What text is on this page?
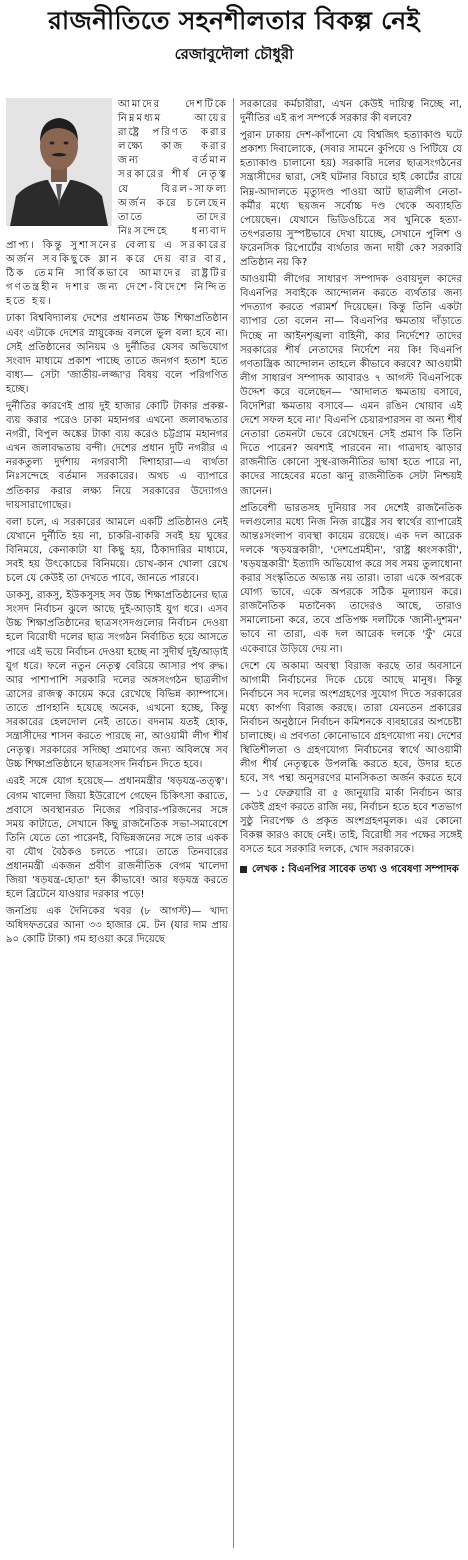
রাজনীতিতে সহনশীলতার বিকল্প নেই
রেজাবুদৌলা চৌধুরী

আমাদের দেশটিকে নিম্নমধ্যম আয়ের রাষ্ট্রে পরিণত করার লক্ষ্যে কাজ করার জন্য বর্তমান সরকারের শীর্ষ নেতৃত্ব যে বিরল-সাফল্য অর্জন করে চলেছেন তাতে তাদের নিঃসন্দেহে ধন্যবাদ প্রাপ্য। কিন্তু সুশাসনের বেলায় এ সরকারের অর্জন সবকিছুকে ম্লান করে দেয় বার বার, ঠিক তেমনি সার্বিকভাবে আমাদের রাষ্ট্রটির গণতন্ত্রহীন দশার জন্য দেশে-বিদেশে নিন্দিত হতে হয়।

ঢাকা বিশ্ববিদ্যালয় দেশের প্রধানতম উচ্চ শিক্ষাপ্রতিষ্ঠান এবং এটাকে দেশের স্নায়ুকেন্দ্র বললে ভুল বলা হবে না। সেই প্রতিষ্ঠানের অনিয়ম ও দুর্নীতির যেসব অভিযোগ সংবাদ মাধ্যমে প্রকাশ পাচ্ছে তাতে জনগণ হতাশ হতে বাধ্য— সেটা 'জাতীয়-লজ্জা'র বিষয় বলে পরিগণিত হচ্ছে।

দুর্নীতির কারণেই প্রায় দুই হাজার কোটি টাকার প্রকল্প-ব্যয় করার পরেও ঢাকা মহানগর এখনো জলাবদ্ধতার নগরী, বিপুল অঙ্কের টাকা ব্যয় করেও চট্টগ্রাম মহানগর এখন জলাবদ্ধতায় বন্দী। দেশের প্রধান দুটি নগরীর এ নরকতুল্য দুর্দশায় নগরবাসী দিশাহারা—এ ব্যর্থতা নিঃসন্দেহে বর্তমান সরকারের। অথচ এ ব্যাপারে প্রতিকার করার লক্ষ্য নিয়ে সরকারের উদ্যোগও দায়সারাগোছের।

বলা চলে, এ সরকারের আমলে একটি প্রতিষ্ঠানও নেই যেখানে দুর্নীতি হয় না, চাকরি-বাকরি সবই হয় ঘুষের বিনিময়ে, কেনাকাটা যা কিছু হয়, ঠিকাদারির মাধ্যমে, সবই হয় উৎকোচের বিনিময়ে। চোখ-কান খোলা রেখে চলে যে কেউই তা দেখতে পাবে, জানতে পারবে।

ডাকসু, রাকসু, ইউকসুসহ সব উচ্চ শিক্ষাপ্রতিষ্ঠানের ছাত্র সংসদ নির্বাচন ঝুলে আছে দুই-আড়াই যুগ ধরে। এসব উচ্চ শিক্ষাপ্রতিষ্ঠানের ছাত্রসংসদগুলোর নির্বাচন দেওয়া হলে বিরোধী দলের ছাত্র সংগঠন নির্বাচিত হয়ে আসতে পারে এই ভয়ে নির্বাচন দেওয়া হচ্ছে না সুদীর্ঘ দুই/আড়াই যুগ ধরে। ফলে নতুন নেতৃত্ব বেরিয়ে আসার পথ রুদ্ধ। আর পাশাপাশি সরকারি দলের অঙ্গসংগঠন ছাত্রলীগ ত্রাসের রাজত্ব কায়েম করে রেখেছে বিভিন্ন ক্যাম্পাসে। তাতে প্রাণহানি হয়েছে অনেক, এখনো হচ্ছে, কিন্তু সরকারের হেলদোল নেই তাতে। বদনাম যতই হোক, সন্ত্রাসীদের শাসন করতে পারছে না, আওয়ামী লীগ শীর্ষ নেতৃত্ব। সরকারের সদিচ্ছা প্রমাণের জন্য অবিলম্বে সব উচ্চ শিক্ষাপ্রতিষ্ঠানে ছাত্রসংসদ নির্বাচন দিতে হবে।

এরই সঙ্গে যোগ হয়েছে— প্রধানমন্ত্রীর 'ষড়যন্ত্র-তত্ত্ব'। বেগম খালেদা জিয়া ইউরোপে গেছেন চিকিৎসা করাতে, প্রবাসে অবস্থানরত নিজের পরিবার-পরিজনের সঙ্গে সময় কাটাতে, সেখানে কিছু রাজনৈতিক সভা-সমাবেশে তিনি যেতে তো পারেনই, বিভিন্নজনের সঙ্গে তার একক বা যৌথ বৈঠকও চলতে পারে। তাতে তিনবারের প্রধানমন্ত্রী একজন প্রবীণ রাজনীতিক বেগম খালেদা জিয়া 'ষড়যন্ত্র-হোতা' হন কীভাবে! আর ষড়যন্ত্র করতে হলে ব্রিটেনে যাওয়ার দরকার পড়ে!

জনপ্রিয় এক দৈনিকের খবর (৮ আগস্ট)— খাদ্য অধিদফতরের আনা ৩৩ হাজার মে. টন (যার দাম প্রায় ৯০ কোটি টাকা) গম হাওয়া করে দিয়েছে

সরকারের কর্মচারীরা, এখন কেউই দায়িত্ব নিচ্ছে না, দুর্নীতির এই রূপ সম্পর্কে সরকার কী বলবে?

পুরান ঢাকায় দেশ-কাঁপানো যে বিশ্বজিৎ হত্যাকাণ্ড ঘটে প্রকাশ্য দিবালোকে, (সবার সামনে কুপিয়ে ও পিটিয়ে যে হত্যাকাণ্ড চালানো হয়) সরকারি দলের ছাত্রসংগঠনের সন্ত্রাসীদের দ্বারা, সেই ঘটনার বিচারে হাই কোর্টের রায়ে নিম্ন-আদালতে মৃত্যুদণ্ড পাওয়া আট ছাত্রলীগ নেতা-কর্মীর মধ্যে ছয়জন সর্বোচ্চ দণ্ড থেকে অব্যাহতি পেয়েছেন। যেখানে ভিডিওচিত্রে সব খুনিকে হত্যা-তৎপরতায় সুস্পষ্টভাবে দেখা যাচ্ছে, সেখানে পুলিশ ও ফরেনসিক রিপোর্টের ব্যর্থতার জন্য দায়ী কে? সরকারি প্রতিষ্ঠান নয় কি?

আওয়ামী লীগের সাধারণ সম্পাদক ওবায়দুল কাদের বিএনপির সবাইকে আন্দোলন করতে ব্যর্থতার জন্য পদত্যাগ করতে পরামর্শ দিয়েছেন। কিন্তু তিনি একটা ব্যাপার তো বলেন না— বিএনপির ক্ষমতায় দাঁড়াতে দিচ্ছে না আইনশৃঙ্খলা বাহিনী, কার নির্দেশে? তাদের সরকারের শীর্ষ নেতাদের নির্দেশে নয় কি! বিএনপি গণতান্ত্রিক আন্দোলন তাহলে কীভাবে করবে? আওয়ামী লীগ সাধারণ সম্পাদক আবারও ৭ আগস্ট বিএনপিকে উদ্দেশ করে বলেছেন— 'আদালত ক্ষমতায় বসাবে, বিদেশিরা ক্ষমতায় বসাবে— এমন রঙিন খোয়াব এই দেশে সফল হবে না।' বিএনপি চেয়ারপারসন বা অন্য শীর্ষ নেতারা তেমনটা ভেবে রেখেছেন সেই প্রমাণ কি তিনি দিতে পারেন? অবশ্যই পারবেন না। গাত্রদাহ ঝাড়ার রাজনীতি কোনো সুস্থ-রাজনীতির ভাষা হতে পারে না, কাদের সাহেবের মতো ঝানু রাজনীতিক সেটা নিশ্চয়ই জানেন।

প্রতিবেশী ভারতসহ দুনিয়ার সব দেশেই রাজনৈতিক দলগুলোর মধ্যে নিজ নিজ রাষ্ট্রের সব স্বার্থের ব্যাপারেই আন্তঃসংলাপ ব্যবস্থা কায়েম রয়েছে। এক দল আরেক দলকে 'ষড়যন্ত্রকারী', 'দেশপ্রেমহীন', 'রাষ্ট্র ধ্বংসকারী', 'ষড়যন্ত্রকারী' ইত্যাদি অভিযোগ করে সব সময় তুলাধোনা করার সংস্কৃতিতে অভ্যস্ত নয় তারা। তারা একে অপরকে যোগ্য ভাবে, একে অপরকে সঠিক মূল্যায়ন করে। রাজনৈতিক মতানৈক্য তাদেরও আছে, তারাও সমালোচনা করে, তবে প্রতিপক্ষ দলটিকে 'জানী-দুশমন' ভাবে না তারা, এক দল আরেক দলকে 'ফুঁ' মেরে একেবারে উড়িয়ে দেয় না।

দেশে যে অকাম্য অবস্থা বিরাজ করছে তার অবসানে আগামী নির্বাচনের দিকে চেয়ে আছে মানুষ। কিন্তু নির্বাচনে সব দলের অংশগ্রহণের সুযোগ দিতে সরকারের মধ্যে কার্পণ্য বিরাজ করছে। তারা যেনতেন প্রকারের নির্বাচন অনুষ্ঠানে নির্বাচন কমিশনকে ব্যবহারের অপচেষ্টা চালাচ্ছে। এ প্রবণতা কোনোভাবে গ্রহণযোগ্য নয়। দেশের স্থিতিশীলতা ও গ্রহণযোগ্য নির্বাচনের স্বার্থে আওয়ামী লীগ শীর্ষ নেতৃত্বকে উপলব্ধি করতে হবে, উদার হতে হবে, সৎ পন্থা অনুসরণের মানসিকতা অর্জন করতে হবে— ১৫ ফেব্রুয়ারি বা ৫ জানুয়ারি মার্কা নির্বাচন আর কেউই গ্রহণ করতে রাজি নয়, নির্বাচন হতে হবে শতভাগ সুষ্ঠু নিরপেক্ষ ও প্রকৃত অংশগ্রহণমূলক। এর কোনো বিকল্প কারও কাছে নেই। তাই, বিরোধী সব পক্ষের সঙ্গেই বসতে হবে সরকারি দলকে, খোদ সরকারকে।

লেখক : বিএনপির সাবেক তথ্য ও গবেষণা সম্পাদক
